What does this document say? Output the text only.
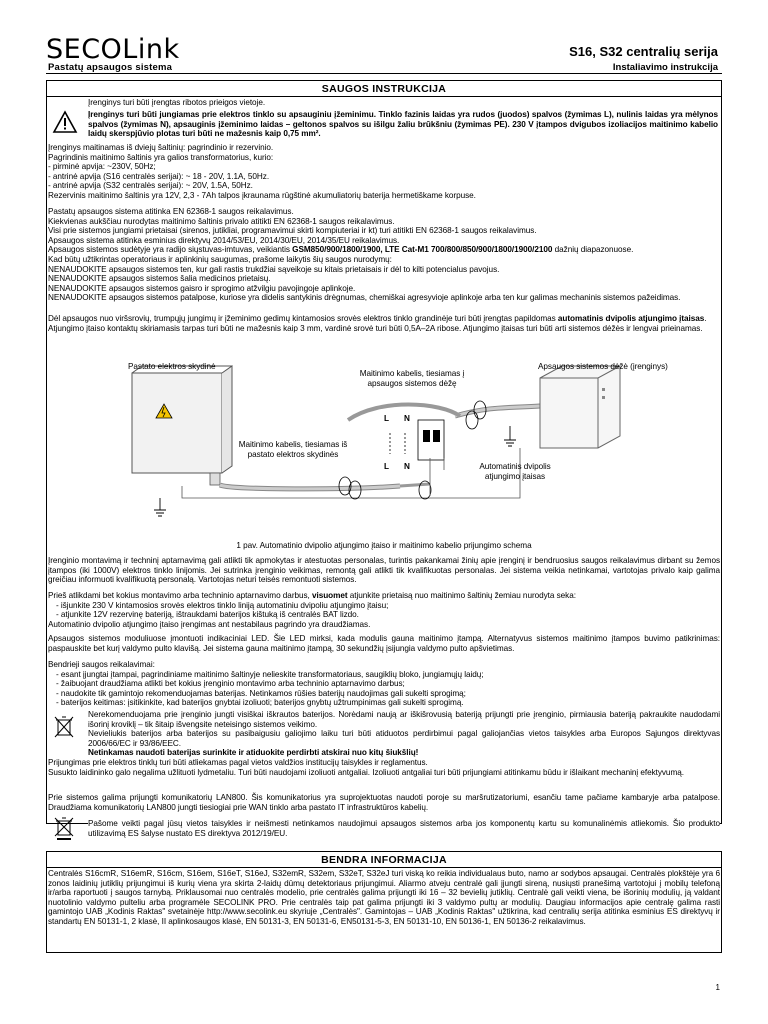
SECOLink
Pastatų apsaugos sistema
S16, S32 centralių serija
Instaliavimo instrukcija
SAUGOS INSTRUKCIJA
Įrenginys turi būti įrengtas ribotos prieigos vietoje.
Įrenginys turi būti jungiamas prie elektros tinklo su apsauginiu įžeminimu. Tinklo fazinis laidas yra rudos (juodos) spalvos (žymimas L), nulinis laidas yra mėlynos spalvos (žymimas N), apsauginis įžeminimo laidas – geltonos spalvos su išilgu žaliu brūkšniu (žymimas PE). 230 V įtampos dvigubos izoliacijos maitinimo kabelio laidų skerspjūvio plotas turi būti ne mažesnis kaip 0,75 mm².
Įrenginys maitinamas iš dviejų šaltinių: pagrindinio ir rezervinio.
Pagrindinis maitinimo šaltinis yra galios transformatorius, kurio:
- pirminė apvija: ~230V, 50Hz;
- antrinė apvija (S16 centralės serijai): ~ 18 - 20V, 1.1A, 50Hz.
- antrinė apvija (S32 centralės serijai): ~ 20V, 1.5A, 50Hz.
Rezervinis maitinimo šaltinis yra 12V, 2,3 - 7Ah talpos įkraunama rūgštinė akumuliatorių baterija hermetiškame korpuse.
Pastatų apsaugos sistema atitinka EN 62368-1 saugos reikalavimus.
Kiekvienas aukščiau nurodytas maitinimo šaltinis privalo atitikti EN 62368-1 saugos reikalavimus.
Visi prie sistemos jungiami prietaisai (sirenos, jutikliai, programavimui skirti kompiuteriai ir kt) turi atitikti EN 62368-1 saugos reikalavimus.
Apsaugos sistema atitinka esminius direktyvų 2014/53/EU, 2014/30/EU, 2014/35/EU reikalavimus.
Apsaugos sistemos sudėtyje yra radijo siųstuvas-imtuvas, veikiantis GSM850/900/1800/1900, LTE Cat-M1 700/800/850/900/1800/1900/2100 dažnių diapazonuose.
Kad būtų užtikrintas operatoriaus ir aplinkinių saugumas, prašome laikytis šių saugos nurodymų:
NENAUDOKITE apsaugos sistemos ten, kur gali rastis trukdžiai sąveikoje su kitais prietaisais ir dėl to kilti potencialus pavojus.
NENAUDOKITE apsaugos sistemos šalia medicinos prietaisų.
NENAUDOKITE apsaugos sistemos gaisro ir sprogimo atžvilgiu pavojingoje aplinkoje.
NENAUDOKITE apsaugos sistemos patalpose, kuriose yra didelis santykinis drėgnumas, chemiškai agresyvioje aplinkoje arba ten kur galimas mechaninis sistemos pažeidimas.
Dėl apsaugos nuo viršsrovių, trumpųjų jungimų ir įžeminimo gedimų kintamosios srovės elektros tinklo grandinėje turi būti įrengtas papildomas automatinis dvipolis atjungimo įtaisas.
Atjungimo įtaiso kontaktų skiriamasis tarpas turi būti ne mažesnis kaip 3 mm, vardinė srovė turi būti 0,5A–2A ribose. Atjungimo įtaisas turi būti arti sistemos dėžės ir lengvai prieinamas.
Pastato elektros skydinė
Maitinimo kabelis, tiesiamas į apsaugos sistemos dėžę
Apsaugos sistemos dėžė (įrenginys)
Maitinimo kabelis, tiesiamas iš pastato elektros skydinės
Automatinis dvipolis atjungimo įtaisas
L N
L N
1 pav. Automatinio dvipolio atjungimo įtaiso ir maitinimo kabelio prijungimo schema
Įrenginio montavimą ir techninį aptarnavimą gali atlikti tik apmokytas ir atestuotas personalas, turintis pakankamai žinių apie įrenginį ir bendruosius saugos reikalavimus dirbant su žemos įtampos (iki 1000V) elektros tinklo linijomis. Jei sutrinka įrenginio veikimas, remontą gali atlikti tik kvalifikuotas personalas. Jei sistema veikia netinkamai, vartotojas privalo kaip galima greičiau informuoti kvalifikuotą personalą. Vartotojas neturi teisės remontuoti sistemos.
Prieš atlikdami bet kokius montavimo arba techninio aptarnavimo darbus, visuomet atjunkite prietaisą nuo maitinimo šaltinių žemiau nurodyta seka:
- išjunkite 230 V kintamosios srovės elektros tinklo liniją automatiniu dvipoliu atjungimo įtaisu;
- atjunkite 12V rezervinę bateriją, ištraukdami baterijos kištuką iš centralės BAT lizdo.
Automatinio dvipolio atjungimo įtaiso įrengimas ant nestabilaus pagrindo yra draudžiamas.
Apsaugos sistemos moduliuose įmontuoti indikaciniai LED. Šie LED mirksi, kada modulis gauna maitinimo įtampą. Alternatyvus sistemos maitinimo įtampos buvimo patikrinimas: paspauskite bet kurį valdymo pulto klavišą. Jei sistema gauna maitinimo įtampą, 30 sekundžių įsijungia valdymo pulto apšvietimas.
Bendrieji saugos reikalavimai:
- esant įjungtai įtampai, pagrindiniame maitinimo šaltinyje nelieskite transformatoriaus, saugiklių bloko, jungiamųjų laidų;
- žaibuojant draudžiama atlikti bet kokius įrenginio montavimo arba techninio aptarnavimo darbus;
- naudokite tik gamintojo rekomenduojamas baterijas. Netinkamos rūšies baterijų naudojimas gali sukelti sprogimą;
- baterijos keitimas: įsitikinkite, kad baterijos gnybtai izoliuoti; baterijos gnybtų užtrumpinimas gali sukelti sprogimą.
Nerekomenduojama prie įrenginio jungti visiškai iškrautos baterijos. Norėdami naują ar iškišrovusią bateriją prijungti prie įrenginio, pirmiausia bateriją pakraukite naudodami išorinį kroviklį – tik šitaip išvengsite neteisingo sistemos veikimo.
Nevieliukis baterijos arba baterijos su pasibaigusiu galiojimo laiku turi būti atiduotos perdirbimui pagal galiojančias vietos taisykles arba Europos Sąjungos direktyvas 2006/66/EC ir 93/86/EEC.
Netinkamas naudoti baterijas surinkite ir atiduokite perdirbti atskirai nuo kitų šiukšlių!
Prijungimas prie elektros tinklų turi būti atliekamas pagal vietos valdžios institucijų taisykles ir reglamentus.
Susukto laidininko galo negalima užlituoti lydmetaliu. Turi būti naudojami izoliuoti antgaliai. Izoliuoti antgaliai turi būti prijungiami atitinkamu būdu ir išlaikant mechaninį efektyvumą.
Prie sistemos galima prijungti komunikatorių LAN800. Šis komunikatorius yra suprojektuotas naudoti poroje su maršrutizatoriumi, esančiu tame pačiame kambaryje arba patalpose. Draudžiama komunikatorių LAN800 jungti tiesiogiai prie WAN tinklo arba pastato IT infrastruktūros kabelių.
Pašome veikti pagal jūsų vietos taisykles ir neišmesti netinkamos naudojimui apsaugos sistemos arba jos komponentų kartu su komunalinėmis atliekomis. Šio produkto utilizavimą ES šalyse nustato ES direktyva 2012/19/EU.
BENDRA INFORMACIJA
Centralės S16cmR, S16emR, S16cm, S16em, S16eT, S16eJ, S32emR, S32em, S32eT, S32eJ turi viską ko reikia individualaus buto, namo ar sodybos apsaugai. Centralės plokštėje yra 6 zonos laidinių jutiklių prijungimui iš kurių viena yra skirta 2-laidų dūmų detektoriaus prijungimui. Aliarmo atveju centralė gali įjungti sireną, nusiųsti pranešimą vartotojui į mobilų telefoną ir/arba raportuoti į saugos tarnybą. Priklausomai nuo centralės modelio, prie centralės galima prijungti iki 16 – 32 bevielių jutiklių. Centralė gali veikti viena, be išorinių modulių, ją valdant nuotolinio valdymo pulteliu arba programėle SECOLINK PRO. Prie centralės taip pat galima prijungti iki 3 valdymo pultų ar modulių. Daugiau informacijos apie centralę galima rasti gamintojo UAB „Kodinis Raktas" svetainėje http://www.secolink.eu skyriuje „Centralės". Gamintojas – UAB „Kodinis Raktas" užtikrina, kad centralių serija atitinka esminius ES direktyvų ir standartų EN 50131-1, 2 klasė, II aplinkosaugos klasė, EN 50131-3, EN 50131-6, EN50131-5-3, EN 50131-10, EN 50136-1, EN 50136-2 reikalavimus.
1
